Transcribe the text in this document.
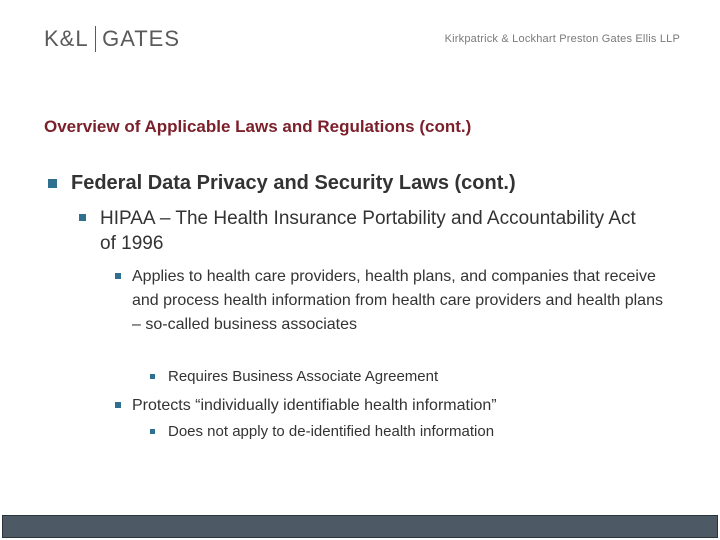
K&L GATES	Kirkpatrick & Lockhart Preston Gates Ellis LLP
Overview of Applicable Laws and Regulations (cont.)
Federal Data Privacy and Security Laws (cont.)
HIPAA – The Health Insurance Portability and Accountability Act of 1996
Applies to health care providers, health plans, and companies that receive and process health information from health care providers and health plans – so-called business associates
Requires Business Associate Agreement
Protects “individually identifiable health information”
Does not apply to de-identified health information
